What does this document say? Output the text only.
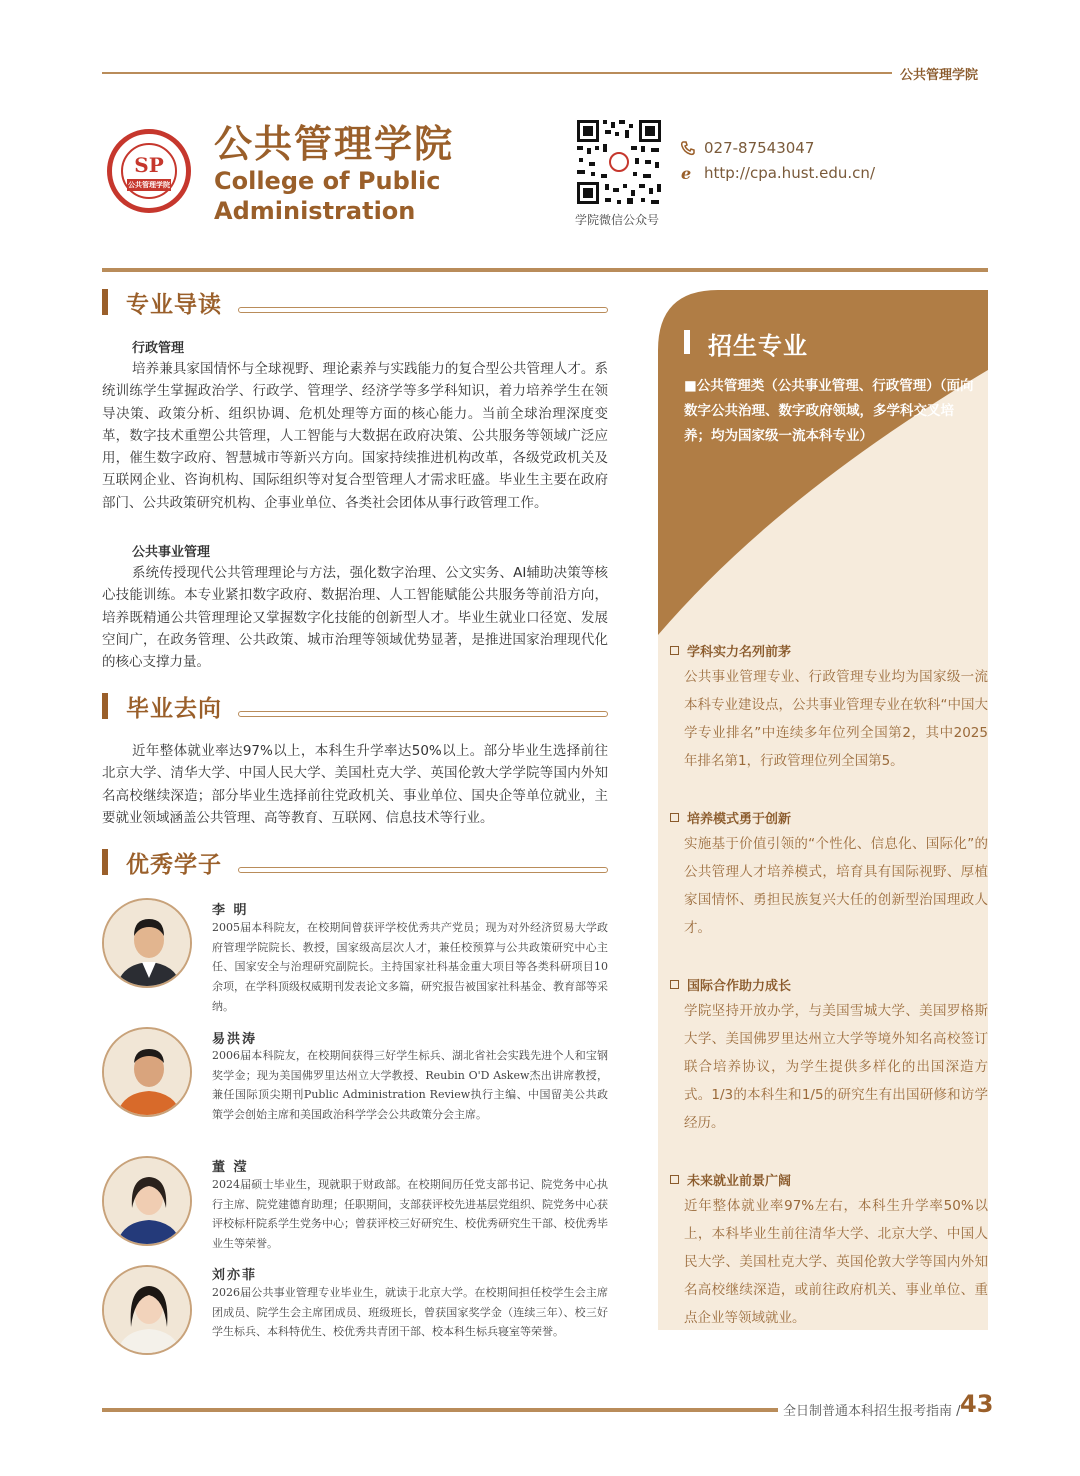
公共管理学院
SP
公共管理学院
公共管理学院
College of Public Administration	学院微信公众号
027-87543047
e http://cpa.hust.edu.cn/
招生专业
■公共管理类（公共事业管理、行政管理）（面向数字公共治理、数字政府领域，多学科交叉培养；均为国家级一流本科专业）
学科实力名列前茅
公共事业管理专业、行政管理专业均为国家级一流本科专业建设点，公共事业管理专业在软科“中国大学专业排名”中连续多年位列全国第2，其中2025年排名第1，行政管理位列全国第5。
培养模式勇于创新
实施基于价值引领的“个性化、信息化、国际化”的公共管理人才培养模式，培育具有国际视野、厚植家国情怀、勇担民族复兴大任的创新型治国理政人才。
国际合作助力成长
学院坚持开放办学，与美国雪城大学、美国罗格斯大学、美国佛罗里达州立大学等境外知名高校签订联合培养协议，为学生提供多样化的出国深造方式。1/3的本科生和1/5的研究生有出国研修和访学经历。
未来就业前景广阔
近年整体就业率97%左右，本科生升学率50%以上，本科毕业生前往清华大学、北京大学、中国人民大学、美国杜克大学、英国伦敦大学等国内外知名高校继续深造，或前往政府机关、事业单位、重点企业等领域就业。
专业导读
行政管理
培养兼具家国情怀与全球视野、理论素养与实践能力的复合型公共管理人才。系统训练学生掌握政治学、行政学、管理学、经济学等多学科知识，着力培养学生在领导决策、政策分析、组织协调、危机处理等方面的核心能力。当前全球治理深度变革，数字技术重塑公共管理，人工智能与大数据在政府决策、公共服务等领域广泛应用，催生数字政府、智慧城市等新兴方向。国家持续推进机构改革，各级党政机关及互联网企业、咨询机构、国际组织等对复合型管理人才需求旺盛。毕业生主要在政府部门、公共政策研究机构、企事业单位、各类社会团体从事行政管理工作。
公共事业管理
系统传授现代公共管理理论与方法，强化数字治理、公文实务、AI辅助决策等核心技能训练。本专业紧扣数字政府、数据治理、人工智能赋能公共服务等前沿方向，培养既精通公共管理理论又掌握数字化技能的创新型人才。毕业生就业口径宽、发展空间广，在政务管理、公共政策、城市治理等领域优势显著，是推进国家治理现代化的核心支撑力量。
毕业去向
近年整体就业率达97%以上，本科生升学率达50%以上。部分毕业生选择前往北京大学、清华大学、中国人民大学、美国杜克大学、英国伦敦大学学院等国内外知名高校继续深造；部分毕业生选择前往党政机关、事业单位、国央企等单位就业，主要就业领域涵盖公共管理、高等教育、互联网、信息技术等行业。
优秀学子
李 明
2005届本科院友，在校期间曾获评学校优秀共产党员；现为对外经济贸易大学政府管理学院院长、教授，国家级高层次人才，兼任校预算与公共政策研究中心主任、国家安全与治理研究副院长。主持国家社科基金重大项目等各类科研项目10余项，在学科顶级权威期刊发表论文多篇，研究报告被国家社科基金、教育部等采纳。
易洪涛
2006届本科院友，在校期间获得三好学生标兵、湖北省社会实践先进个人和宝钢奖学金；现为美国佛罗里达州立大学教授、Reubin O'D Askew杰出讲席教授，兼任国际顶尖期刊Public Administration Review执行主编、中国留美公共政策学会创始主席和美国政治科学学会公共政策分会主席。
董 滢
2024届硕士毕业生，现就职于财政部。在校期间历任党支部书记、院党务中心执行主席、院党建德育助理；任职期间，支部获评校先进基层党组织、院党务中心获评校标杆院系学生党务中心；曾获评校三好研究生、校优秀研究生干部、校优秀毕业生等荣誉。
刘亦菲
2026届公共事业管理专业毕业生，就读于北京大学。在校期间担任校学生会主席团成员、院学生会主席团成员、班级班长，曾获国家奖学金（连续三年）、校三好学生标兵、本科特优生、校优秀共青团干部、校本科生标兵寝室等荣誉。
全日制普通本科招生报考指南 / 43
